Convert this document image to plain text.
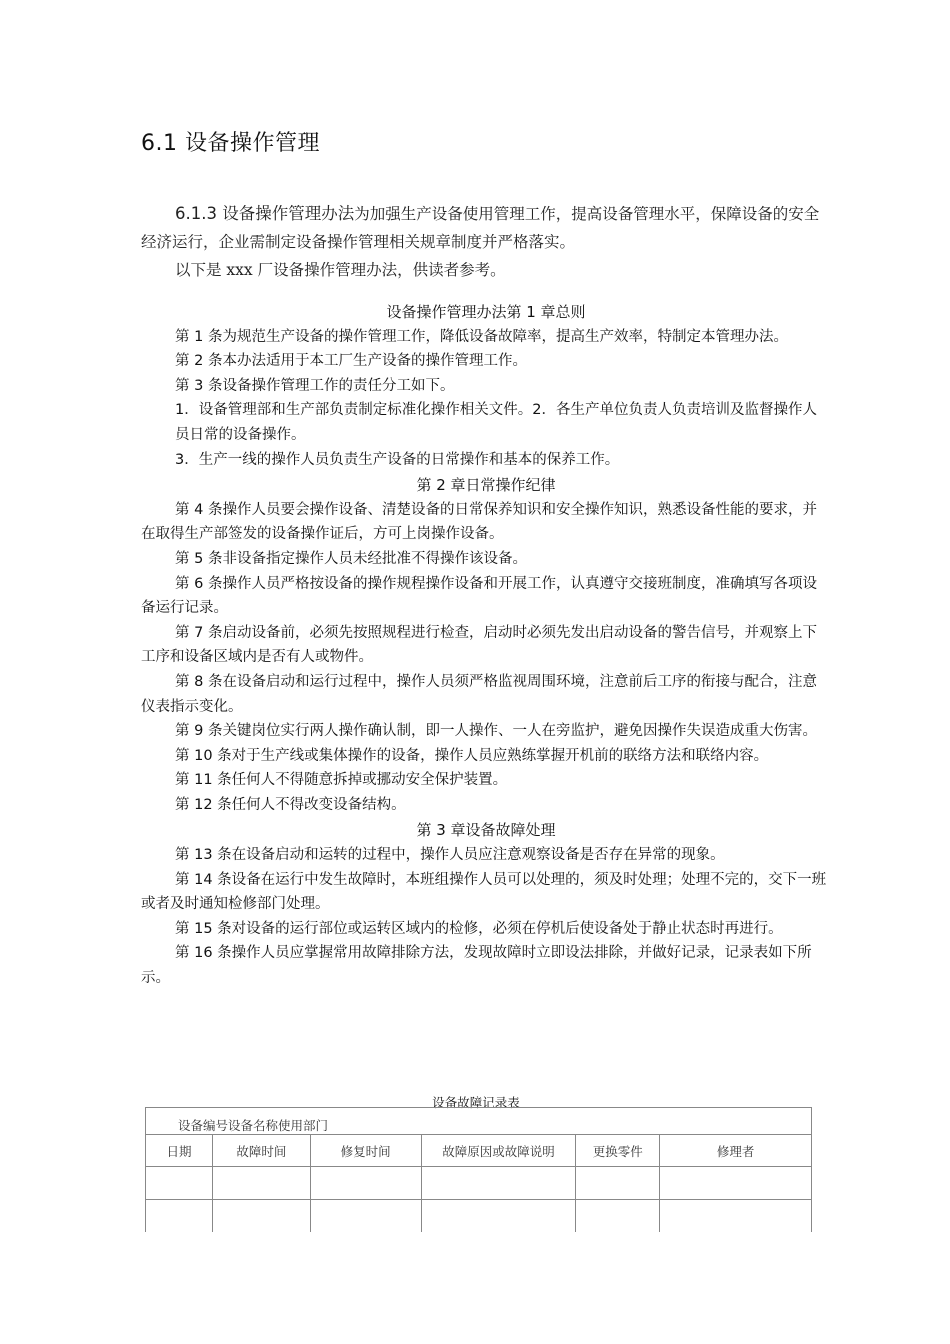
6.1 设备操作管理

6.1.3 设备操作管理办法为加强生产设备使用管理工作，提高设备管理水平，保障设备的安全经济运行，企业需制定设备操作管理相关规章制度并严格落实。

以下是 xxx 厂设备操作管理办法，供读者参考。

设备操作管理办法第 1 章总则

第 1 条为规范生产设备的操作管理工作，降低设备故障率，提高生产效率，特制定本管理办法。

第 2 条本办法适用于本工厂生产设备的操作管理工作。

第 3 条设备操作管理工作的责任分工如下。

1．设备管理部和生产部负责制定标准化操作相关文件。2．各生产单位负责人负责培训及监督操作人员日常的设备操作。

3．生产一线的操作人员负责生产设备的日常操作和基本的保养工作。

第 2 章日常操作纪律

第 4 条操作人员要会操作设备、清楚设备的日常保养知识和安全操作知识，熟悉设备性能的要求，并在取得生产部签发的设备操作证后，方可上岗操作设备。

第 5 条非设备指定操作人员未经批准不得操作该设备。

第 6 条操作人员严格按设备的操作规程操作设备和开展工作，认真遵守交接班制度，准确填写各项设备运行记录。

第 7 条启动设备前，必须先按照规程进行检查，启动时必须先发出启动设备的警告信号，并观察上下工序和设备区域内是否有人或物件。

第 8 条在设备启动和运行过程中，操作人员须严格监视周围环境，注意前后工序的衔接与配合，注意仪表指示变化。

第 9 条关键岗位实行两人操作确认制，即一人操作、一人在旁监护，避免因操作失误造成重大伤害。

第 10 条对于生产线或集体操作的设备，操作人员应熟练掌握开机前的联络方法和联络内容。

第 11 条任何人不得随意拆掉或挪动安全保护装置。

第 12 条任何人不得改变设备结构。

第 3 章设备故障处理

第 13 条在设备启动和运转的过程中，操作人员应注意观察设备是否存在异常的现象。

第 14 条设备在运行中发生故障时，本班组操作人员可以处理的，须及时处理；处理不完的，交下一班或者及时通知检修部门处理。

第 15 条对设备的运行部位或运转区域内的检修，必须在停机后使设备处于静止状态时再进行。

第 16 条操作人员应掌握常用故障排除方法，发现故障时立即设法排除，并做好记录，记录表如下所示。

设备故障记录表
设备编号设备名称使用部门					
日期	故障时间	修复时间	故障原因或故障说明	更换零件	修理者
